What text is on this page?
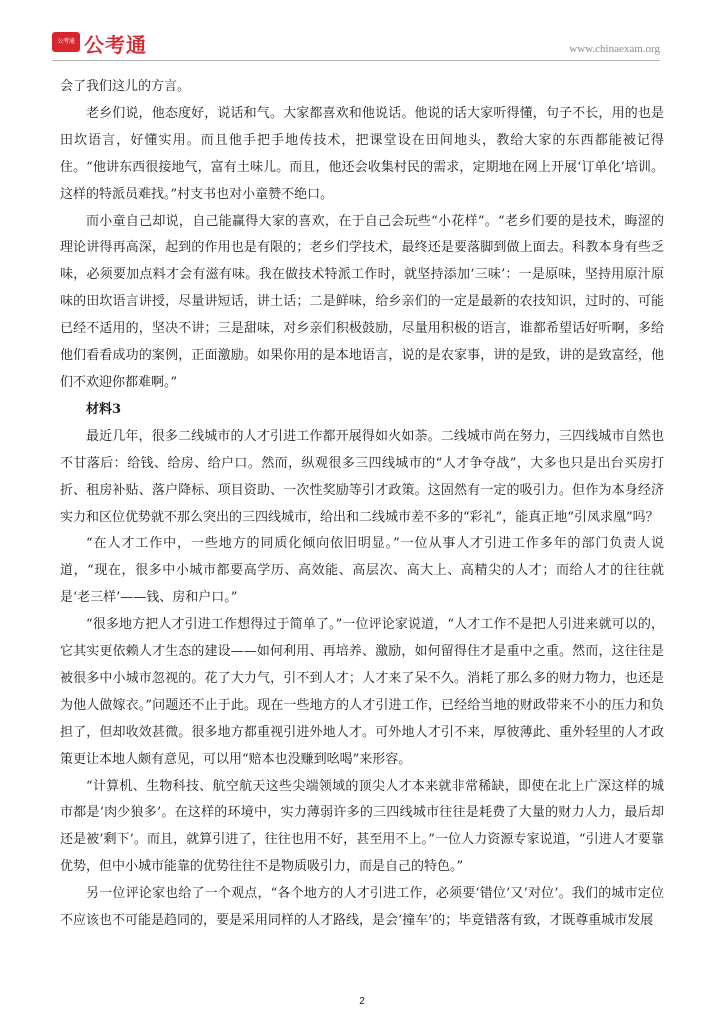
公考通 公考通	www.chinaexam.org

会了我们这儿的方言。

老乡们说，他态度好，说话和气。大家都喜欢和他说话。他说的话大家听得懂，句子不长，用的也是田坎语言，好懂实用。而且他手把手地传技术，把课堂设在田间地头，教给大家的东西都能被记得住。“他讲东西很接地气，富有土味儿。而且，他还会收集村民的需求，定期地在网上开展‘订单化’培训。这样的特派员难找。”村支书也对小童赞不绝口。

而小童自己却说，自己能赢得大家的喜欢，在于自己会玩些“小花样”。“老乡们要的是技术，晦涩的理论讲得再高深，起到的作用也是有限的；老乡们学技术，最终还是要落脚到做上面去。科教本身有些乏味，必须要加点料才会有滋有味。我在做技术特派工作时，就坚持添加‘三味’：一是原味，坚持用原汁原味的田坎语言讲授，尽量讲短话，讲土话；二是鲜味，给乡亲们的一定是最新的农技知识，过时的、可能已经不适用的，坚决不讲；三是甜味，对乡亲们积极鼓励，尽量用积极的语言，谁都希望话好听啊，多给他们看看成功的案例，正面激励。如果你用的是本地语言，说的是农家事，讲的是致，讲的是致富经，他们不欢迎你都难啊。”

材料3

最近几年，很多二线城市的人才引进工作都开展得如火如荼。二线城市尚在努力，三四线城市自然也不甘落后：给钱、给房、给户口。然而，纵观很多三四线城市的“人才争夺战”，大多也只是出台买房打折、租房补贴、落户降标、项目资助、一次性奖励等引才政策。这固然有一定的吸引力。但作为本身经济实力和区位优势就不那么突出的三四线城市，给出和二线城市差不多的“彩礼”，能真正地“引凤求凰”吗？

“在人才工作中，一些地方的同质化倾向依旧明显。”一位从事人才引进工作多年的部门负责人说道，“现在，很多中小城市都要高学历、高效能、高层次、高大上、高精尖的人才；而给人才的往往就是‘老三样’——钱、房和户口。”

“很多地方把人才引进工作想得过于简单了。”一位评论家说道，“人才工作不是把人引进来就可以的，它其实更依赖人才生态的建设——如何利用、再培养、激励，如何留得住才是重中之重。然而，这往往是被很多中小城市忽视的。花了大力气，引不到人才；人才来了呆不久。消耗了那么多的财力物力，也还是为他人做嫁衣。”问题还不止于此。现在一些地方的人才引进工作，已经给当地的财政带来不小的压力和负担了，但却收效甚微。很多地方都重视引进外地人才。可外地人才引不来，厚彼薄此、重外轻里的人才政策更让本地人颇有意见，可以用“赔本也没赚到吆喝”来形容。

“计算机、生物科技、航空航天这些尖端领域的顶尖人才本来就非常稀缺，即使在北上广深这样的城市都是‘肉少狼多’。在这样的环境中，实力薄弱许多的三四线城市往往是耗费了大量的财力人力，最后却还是被‘剩下’。而且，就算引进了，往往也用不好，甚至用不上。”一位人力资源专家说道，“引进人才要靠优势，但中小城市能靠的优势往往不是物质吸引力，而是自己的特色。”

另一位评论家也给了一个观点，“各个地方的人才引进工作，必须要‘错位’又‘对位’。我们的城市定位不应该也不可能是趋同的，要是采用同样的人才路线，是会‘撞车’的；毕竟错落有致，才既尊重城市发展

2
